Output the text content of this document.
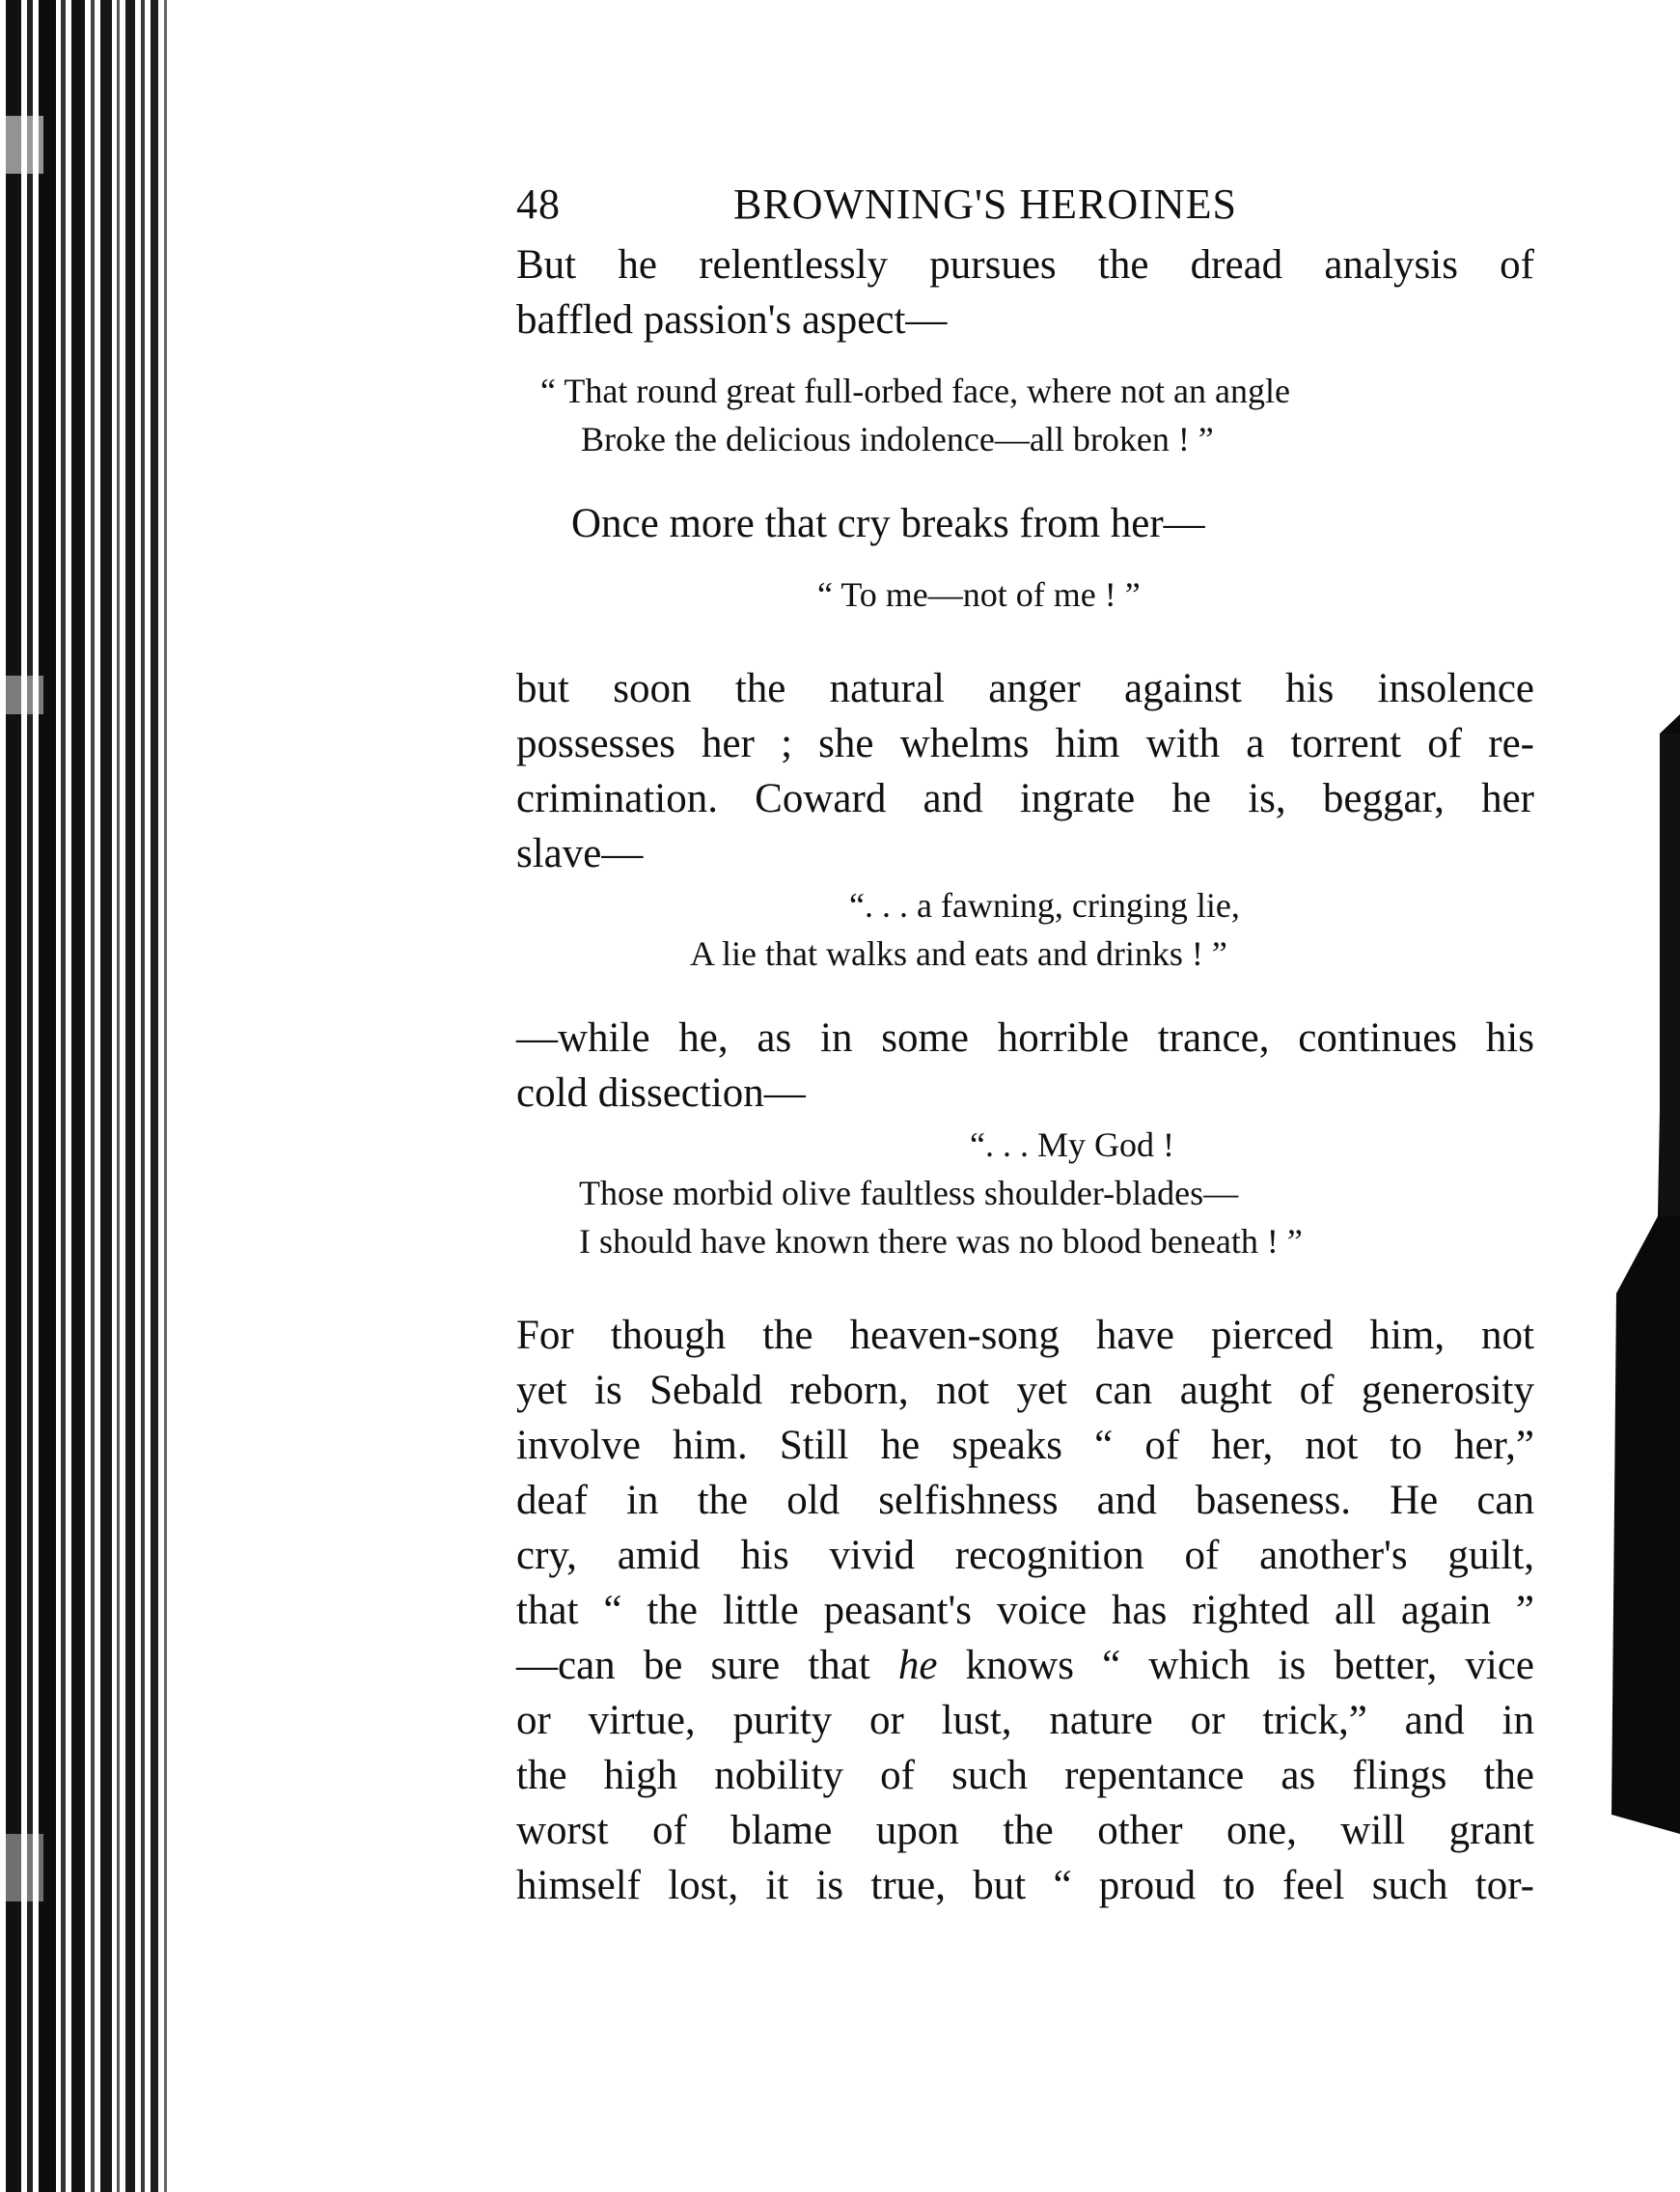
48	BROWNING'S HEROINES
But he relentlessly pursues the dread analysis of
baffled passion's aspect—
“ That round great full-orbed face, where not an angle
Broke the delicious indolence—all broken ! ”
Once more that cry breaks from her—
“ To me—not of me ! ”
but soon the natural anger against his insolence
possesses her ; she whelms him with a torrent of re-
crimination. Coward and ingrate he is, beggar, her
slave—
“. . . a fawning, cringing lie,
A lie that walks and eats and drinks ! ”
—while he, as in some horrible trance, continues his
cold dissection—
“. . . My God !
Those morbid olive faultless shoulder-blades—
I should have known there was no blood beneath ! ”
For though the heaven-song have pierced him, not
yet is Sebald reborn, not yet can aught of generosity
involve him. Still he speaks “ of her, not to her,”
deaf in the old selfishness and baseness. He can
cry, amid his vivid recognition of another's guilt,
that “ the little peasant's voice has righted all again ”
—can be sure that he knows “ which is better, vice
or virtue, purity or lust, nature or trick,” and in
the high nobility of such repentance as flings the
worst of blame upon the other one, will grant
himself lost, it is true, but “ proud to feel such tor-
